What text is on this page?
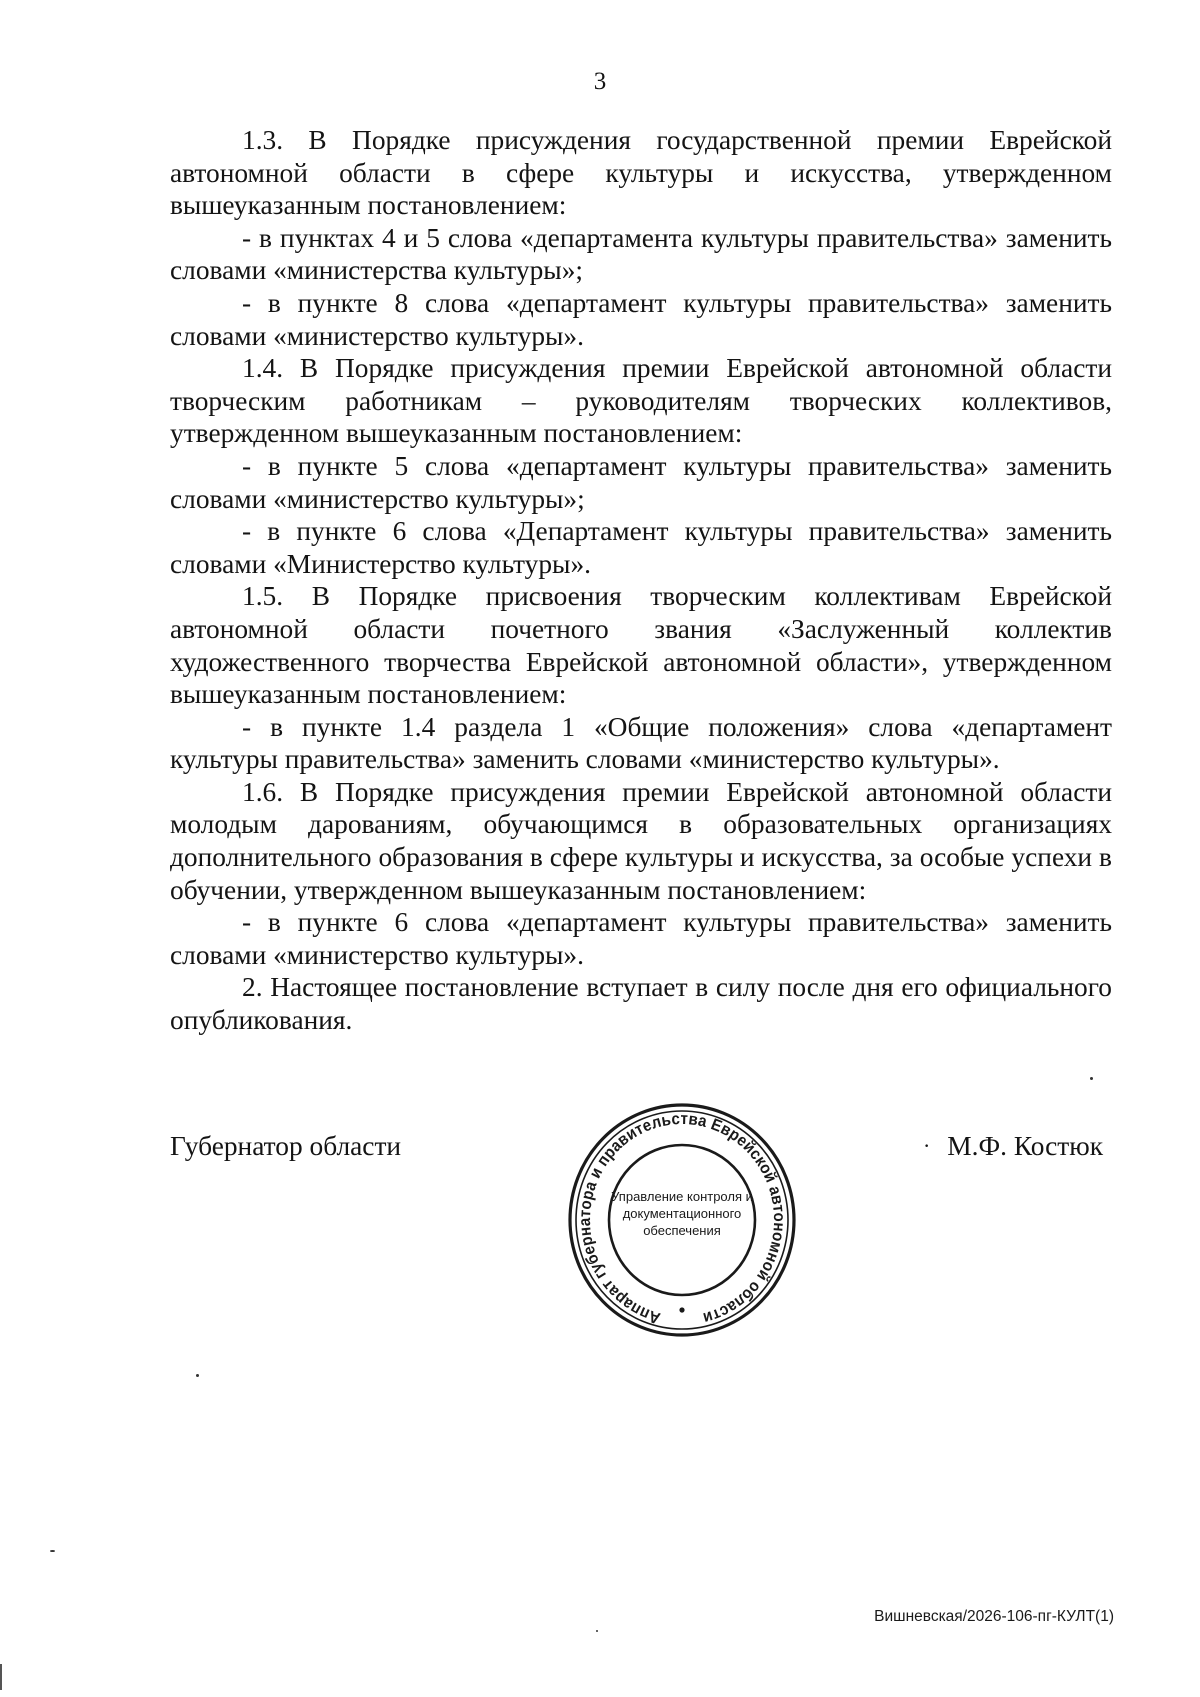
3

1.3. В Порядке присуждения государственной премии Еврейской автономной области в сфере культуры и искусства, утвержденном вышеуказанным постановлением:

- в пунктах 4 и 5 слова «департамента культуры правительства» заменить словами «министерства культуры»;

- в пункте 8 слова «департамент культуры правительства» заменить словами «министерство культуры».

1.4. В Порядке присуждения премии Еврейской автономной области творческим работникам – руководителям творческих коллективов, утвержденном вышеуказанным постановлением:

- в пункте 5 слова «департамент культуры правительства» заменить словами «министерство культуры»;

- в пункте 6 слова «Департамент культуры правительства» заменить словами «Министерство культуры».

1.5. В Порядке присвоения творческим коллективам Еврейской автономной области почетного звания «Заслуженный коллектив художественного творчества Еврейской автономной области», утвержденном вышеуказанным постановлением:

- в пункте 1.4 раздела 1 «Общие положения» слова «департамент культуры правительства» заменить словами «министерство культуры».

1.6. В Порядке присуждения премии Еврейской автономной области молодым дарованиям, обучающимся в образовательных организациях дополнительного образования в сфере культуры и искусства, за особые успехи в обучении, утвержденном вышеуказанным постановлением:

- в пункте 6 слова «департамент культуры правительства» заменить словами «министерство культуры».

2. Настоящее постановление вступает в силу после дня его официального опубликования.

Губернатор области	· М.Ф. Костюк
Аппарат губернатора и правительства Еврейской автономной области
Управление контроля и
документационного
обеспечения
Вишневская/2026-106-пг-КУЛТ(1)
